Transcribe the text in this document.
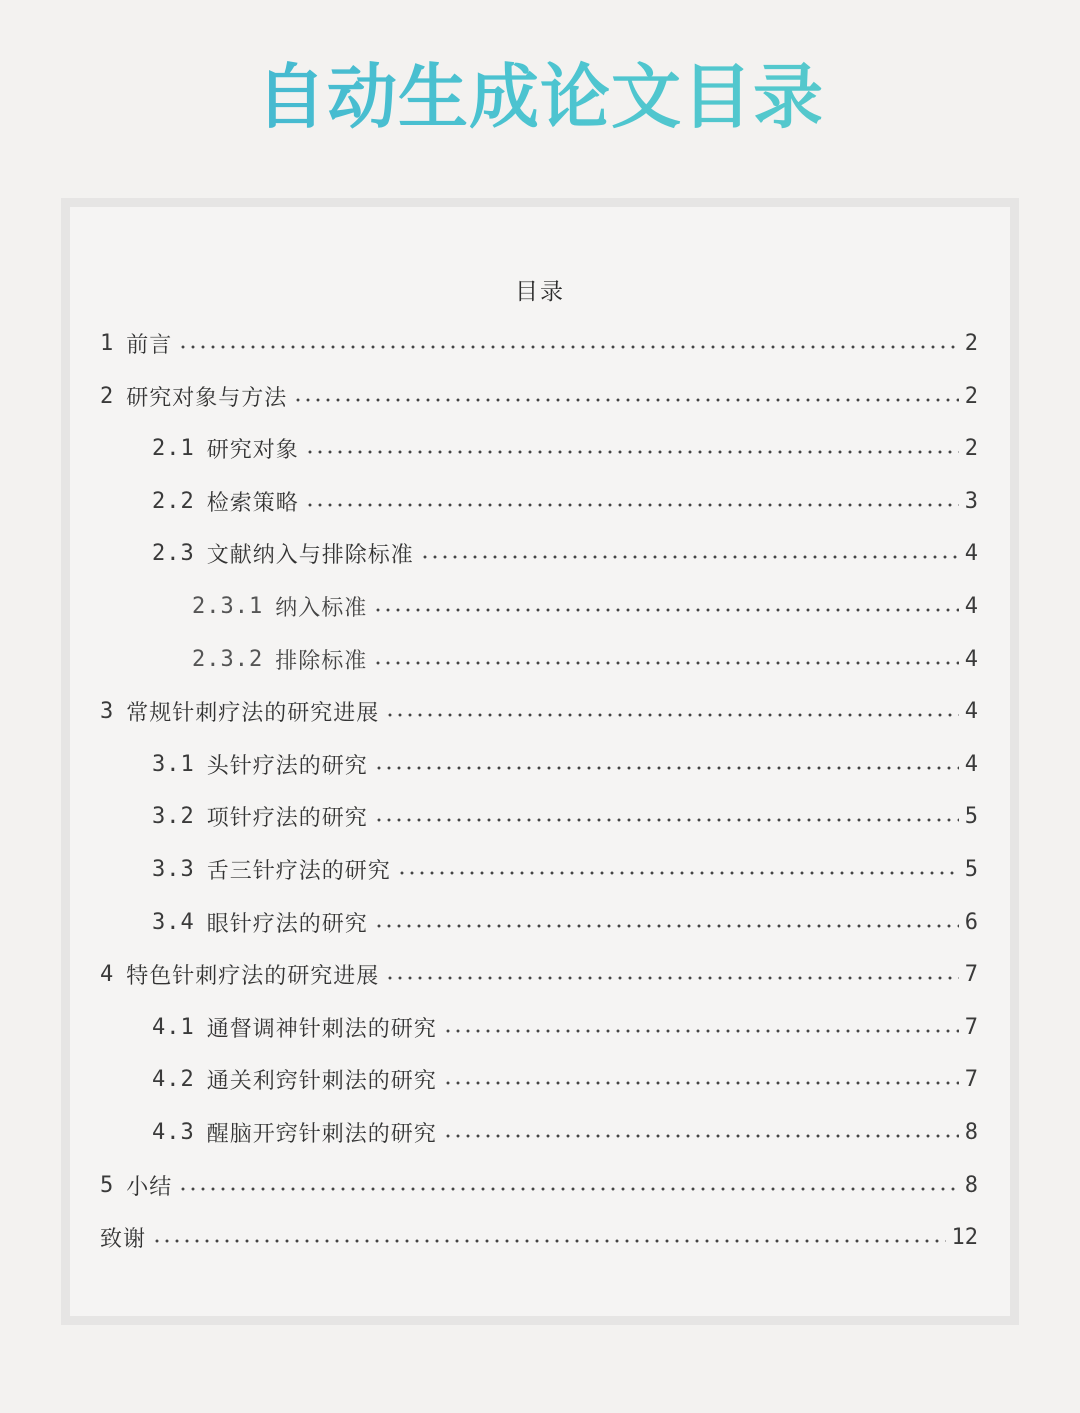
自动生成论文目录
目录
1 前言	2
2 研究对象与方法	2
2.1 研究对象	2
2.2 检索策略	3
2.3 文献纳入与排除标准	4
2.3.1 纳入标准	4
2.3.2 排除标准	4
3 常规针刺疗法的研究进展	4
3.1 头针疗法的研究	4
3.2 项针疗法的研究	5
3.3 舌三针疗法的研究	5
3.4 眼针疗法的研究	6
4 特色针刺疗法的研究进展	7
4.1 通督调神针刺法的研究	7
4.2 通关利窍针刺法的研究	7
4.3 醒脑开窍针刺法的研究	8
5 小结	8
致谢	12
